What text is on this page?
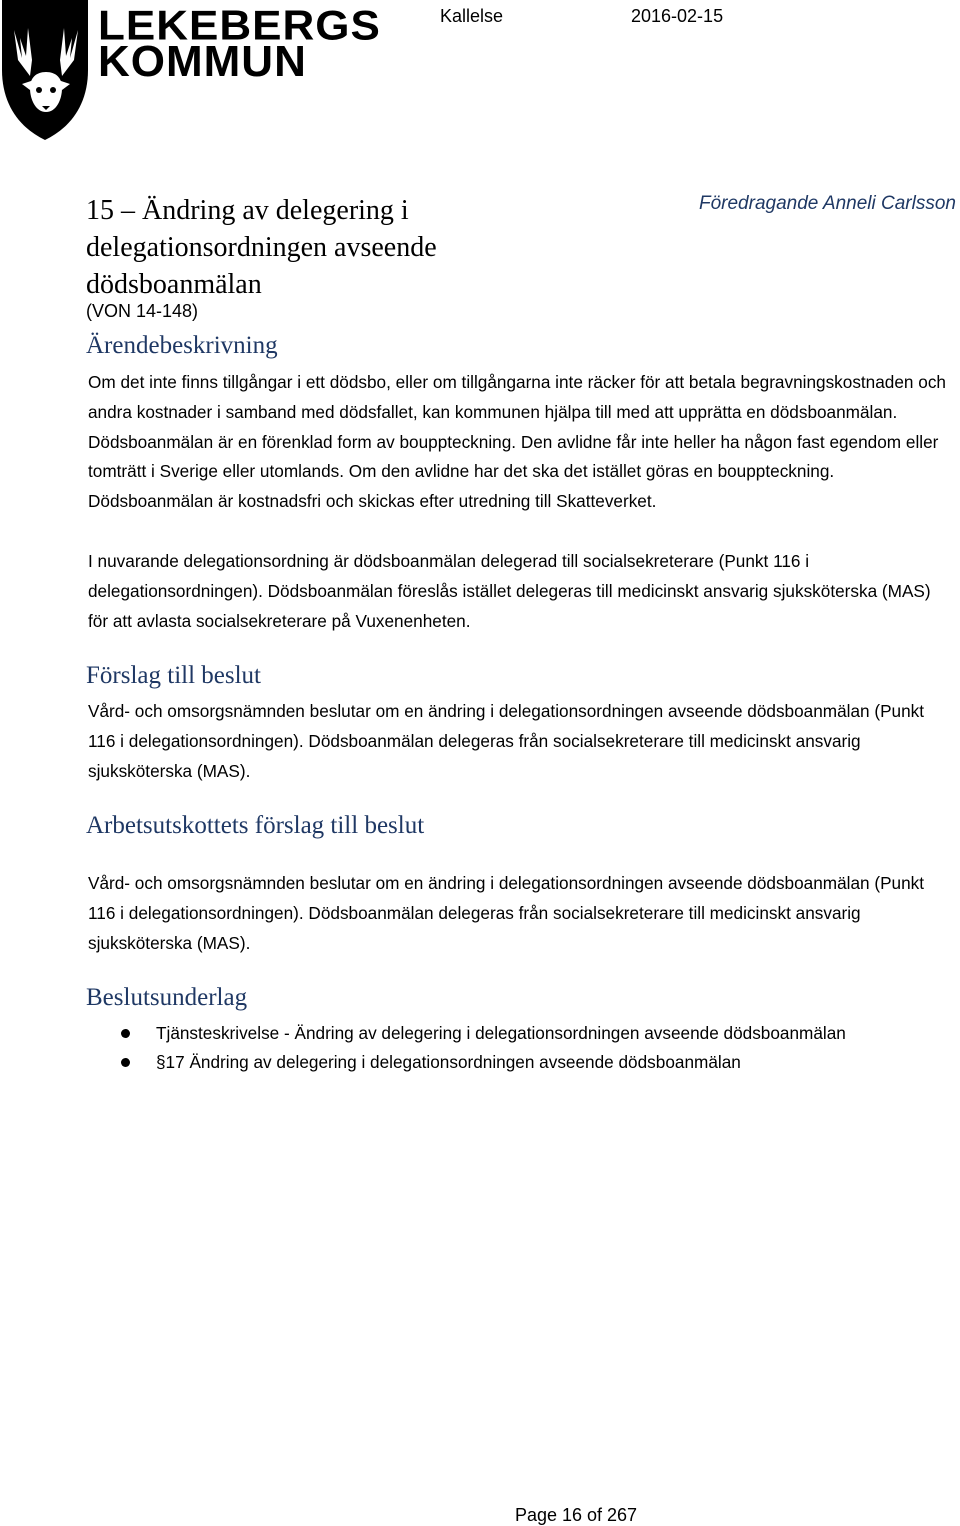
LEKEBERGS
KOMMUN
Kallelse	2016-02-15
15 – Ändring av delegering i delegationsordningen avseende dödsboanmälan
(VON 14-148)
Föredragande Anneli Carlsson
Ärendebeskrivning

Om det inte finns tillgångar i ett dödsbo, eller om tillgångarna inte räcker för att betala begravningskostnaden och andra kostnader i samband med dödsfallet, kan kommunen hjälpa till med att upprätta en dödsboanmälan. Dödsboanmälan är en förenklad form av bouppteckning. Den avlidne får inte heller ha någon fast egendom eller tomträtt i Sverige eller utomlands. Om den avlidne har det ska det istället göras en bouppteckning. Dödsboanmälan är kostnadsfri och skickas efter utredning till Skatteverket.

I nuvarande delegationsordning är dödsboanmälan delegerad till socialsekreterare (Punkt 116 i delegationsordningen). Dödsboanmälan föreslås istället delegeras till medicinskt ansvarig sjuksköterska (MAS) för att avlasta socialsekreterare på Vuxenenheten.

Förslag till beslut

Vård- och omsorgsnämnden beslutar om en ändring i delegationsordningen avseende dödsboanmälan (Punkt 116 i delegationsordningen). Dödsboanmälan delegeras från socialsekreterare till medicinskt ansvarig sjuksköterska (MAS).

Arbetsutskottets förslag till beslut

Vård- och omsorgsnämnden beslutar om en ändring i delegationsordningen avseende dödsboanmälan (Punkt 116 i delegationsordningen). Dödsboanmälan delegeras från socialsekreterare till medicinskt ansvarig sjuksköterska (MAS).

Beslutsunderlag
Tjänsteskrivelse - Ändring av delegering i delegationsordningen avseende dödsboanmälan
§17 Ändring av delegering i delegationsordningen avseende dödsboanmälan
Page 16 of 267
